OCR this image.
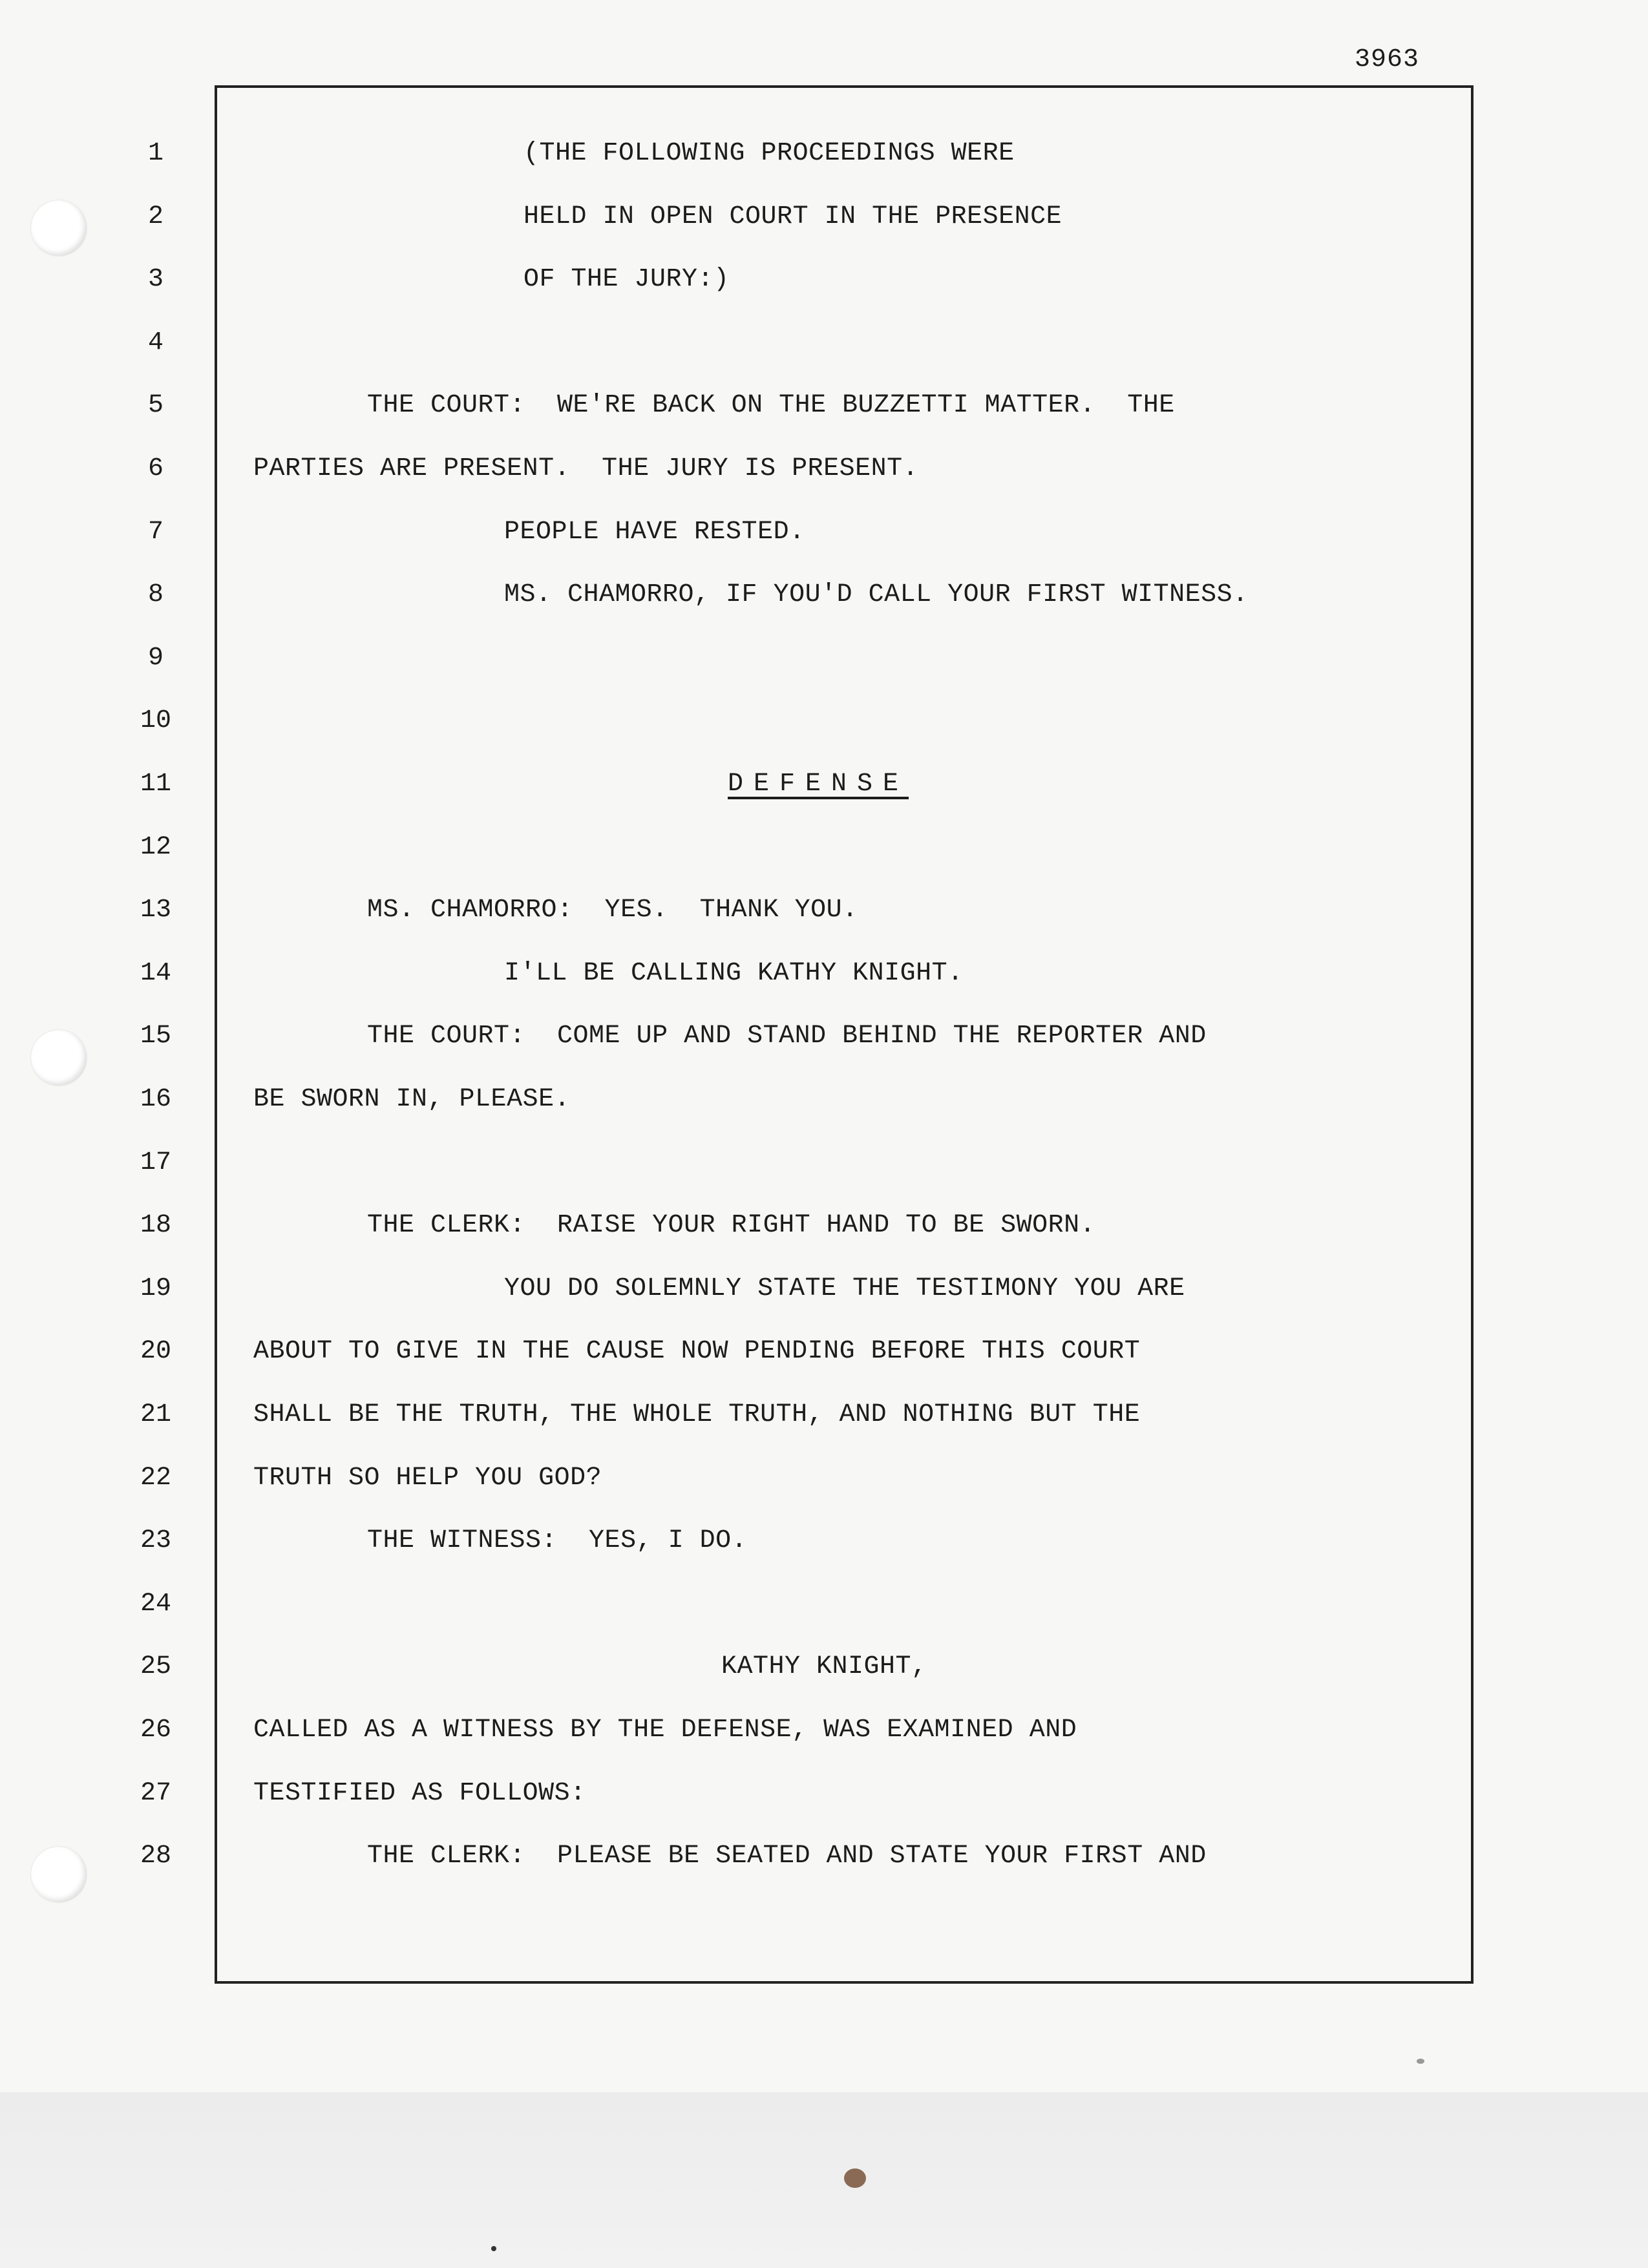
3963
1	(THE FOLLOWING PROCEEDINGS WERE
2	HELD IN OPEN COURT IN THE PRESENCE
3	OF THE JURY:)
4
5	THE COURT:  WE'RE BACK ON THE BUZZETTI MATTER.  THE
6	PARTIES ARE PRESENT.  THE JURY IS PRESENT.
7	PEOPLE HAVE RESTED.
8	MS. CHAMORRO, IF YOU'D CALL YOUR FIRST WITNESS.
9
10
11	DEFENSE
12
13	MS. CHAMORRO:  YES.  THANK YOU.
14	I'LL BE CALLING KATHY KNIGHT.
15	THE COURT:  COME UP AND STAND BEHIND THE REPORTER AND
16	BE SWORN IN, PLEASE.
17
18	THE CLERK:  RAISE YOUR RIGHT HAND TO BE SWORN.
19	YOU DO SOLEMNLY STATE THE TESTIMONY YOU ARE
20	ABOUT TO GIVE IN THE CAUSE NOW PENDING BEFORE THIS COURT
21	SHALL BE THE TRUTH, THE WHOLE TRUTH, AND NOTHING BUT THE
22	TRUTH SO HELP YOU GOD?
23	THE WITNESS:  YES, I DO.
24
25	KATHY KNIGHT,
26	CALLED AS A WITNESS BY THE DEFENSE, WAS EXAMINED AND
27	TESTIFIED AS FOLLOWS:
28	THE CLERK:  PLEASE BE SEATED AND STATE YOUR FIRST AND
